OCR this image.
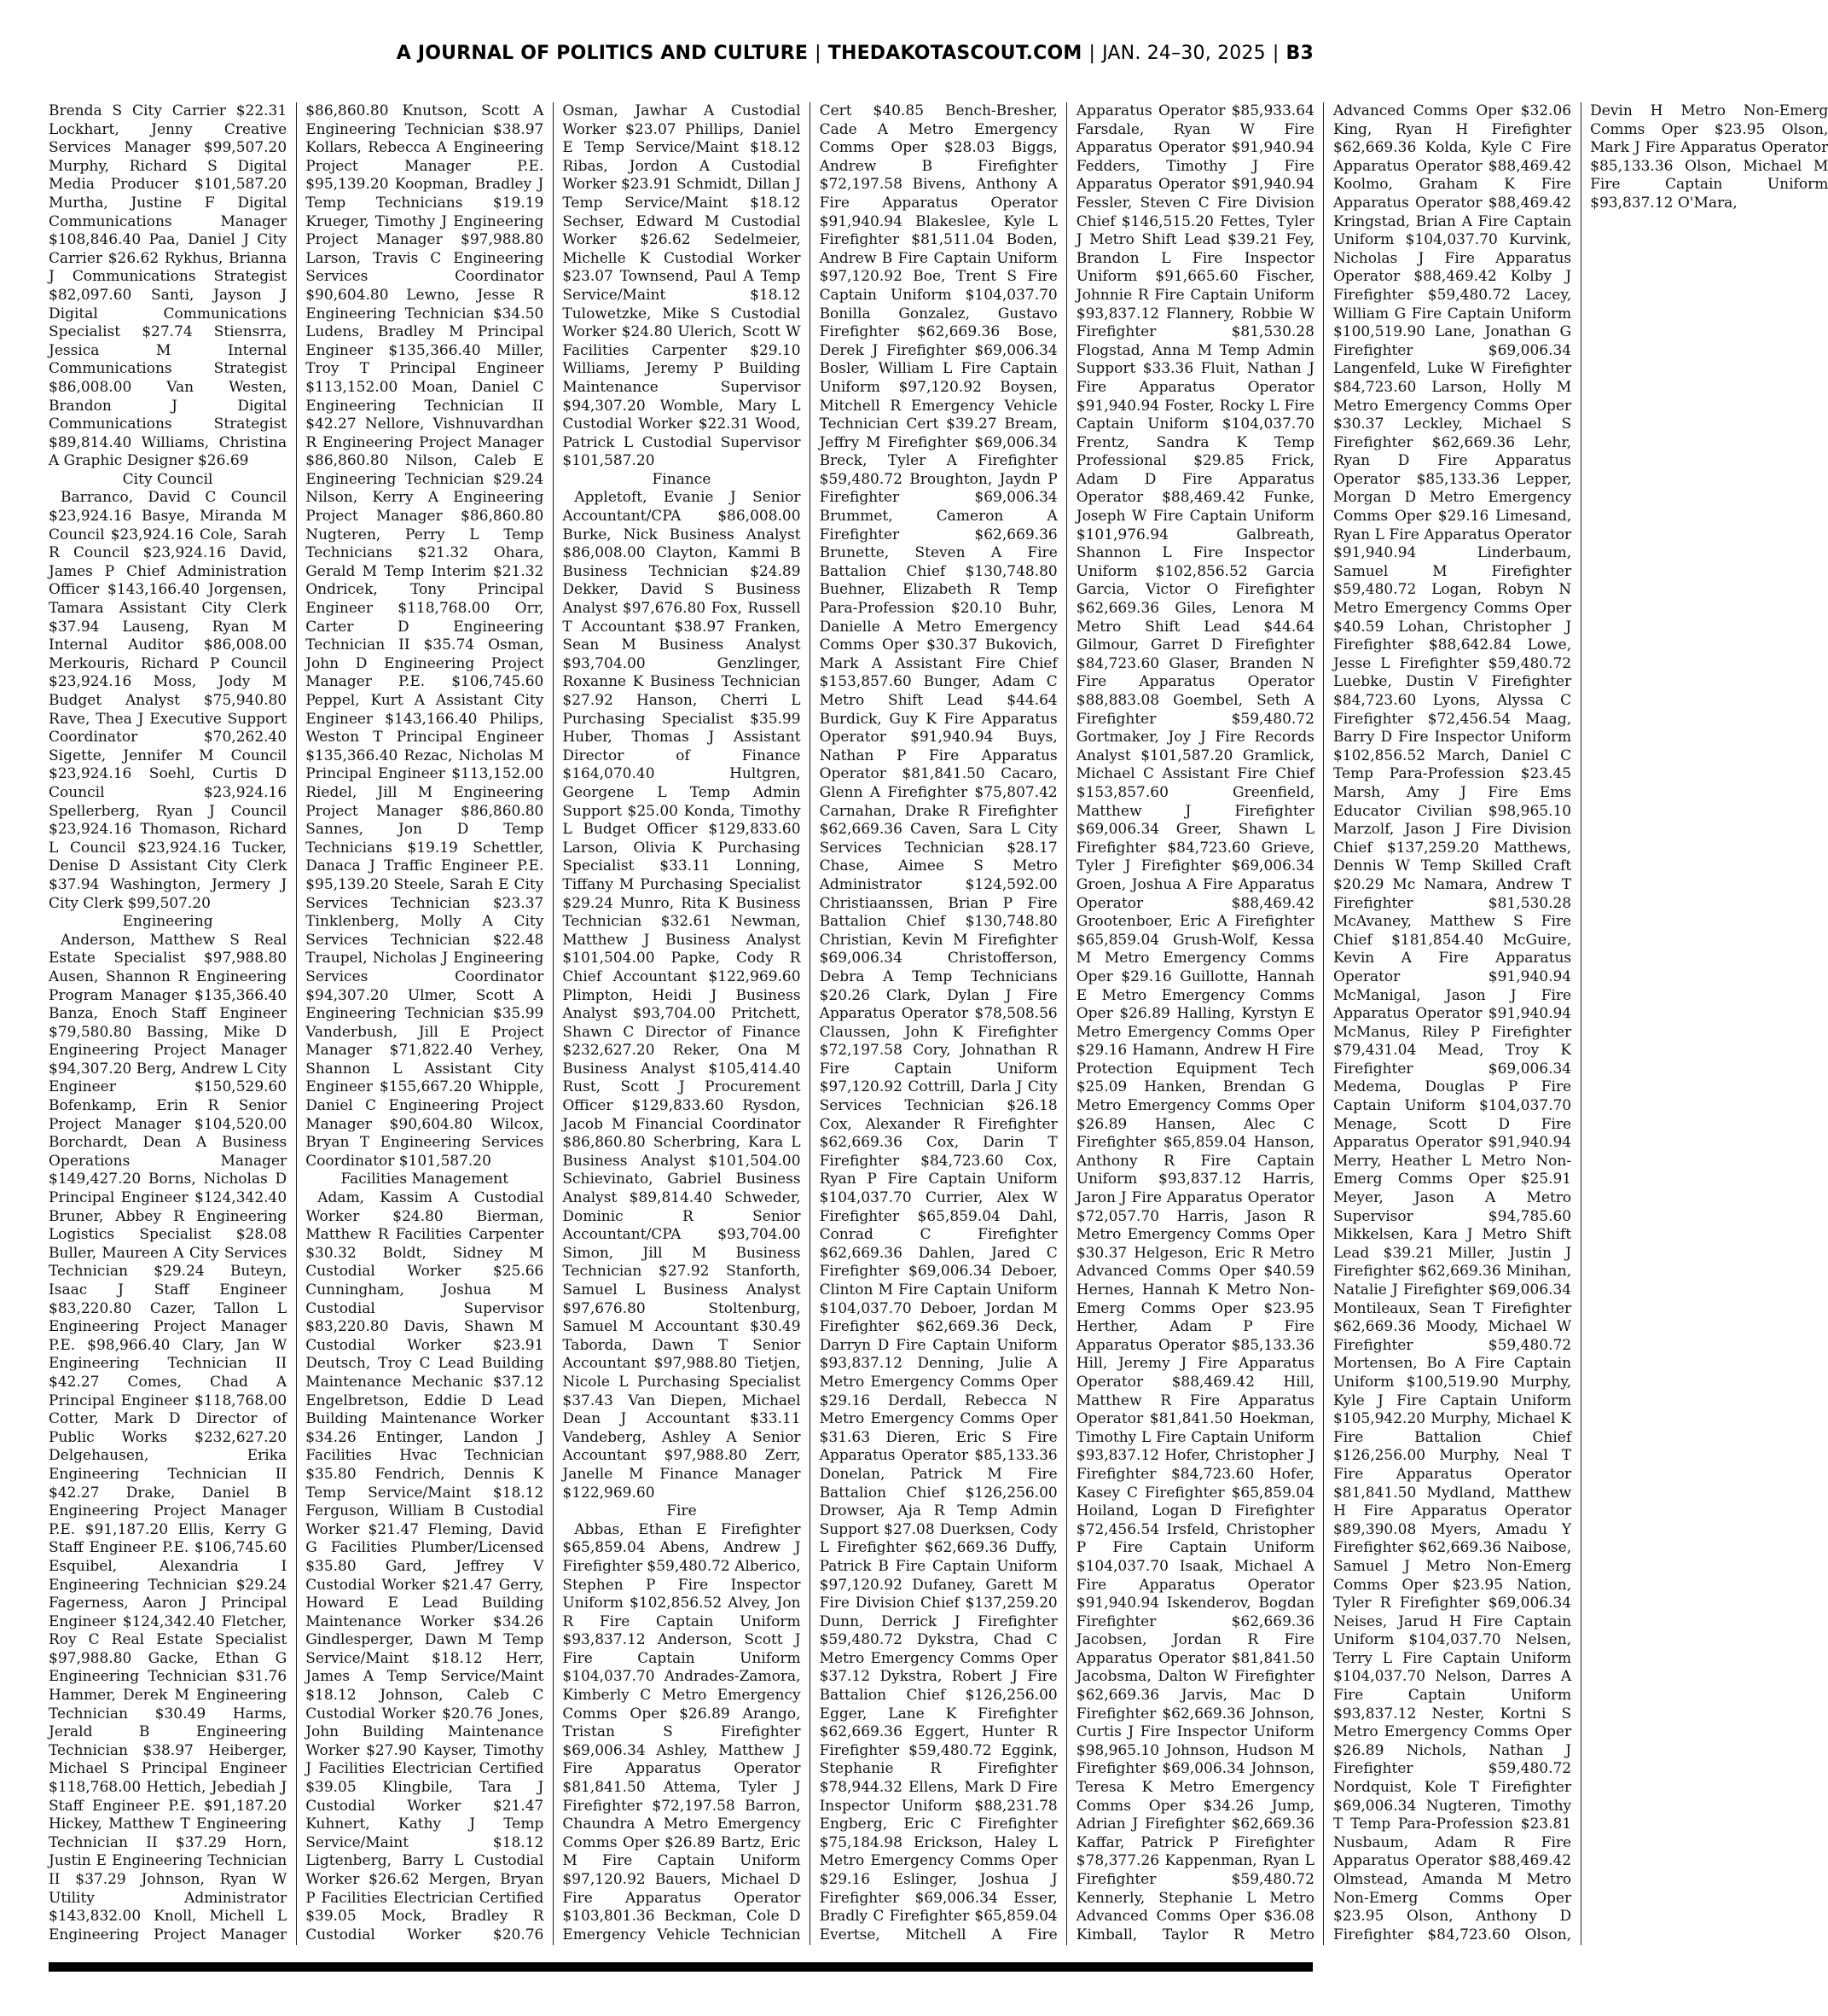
A JOURNAL OF POLITICS AND CULTURE | THEDAKOTASCOUT.COM | JAN. 24–30, 2025 | B3

Brenda S City Carrier $22.31 Lockhart, Jenny Creative Services Manager $99,507.20 Murphy, Richard S Digital Media Producer $101,587.20 Murtha, Justine F Digital Communications Manager $108,846.40 Paa, Daniel J City Carrier $26.62 Rykhus, Brianna J Communications Strategist $82,097.60 Santi, Jayson J Digital Communications Specialist $27.74 Stiensrra, Jessica M Internal Communications Strategist $86,008.00 Van Westen, Brandon J Digital Communications Strategist $89,814.40 Williams, Christina A Graphic Designer $26.69

City Council

Barranco, David C Council $23,924.16 Basye, Miranda M Council $23,924.16 Cole, Sarah R Council $23,924.16 David, James P Chief Administration Officer $143,166.40 Jorgensen, Tamara Assistant City Clerk $37.94 Lauseng, Ryan M Internal Auditor $86,008.00 Merkouris, Richard P Council $23,924.16 Moss, Jody M Budget Analyst $75,940.80 Rave, Thea J Executive Support Coordinator $70,262.40 Sigette, Jennifer M Council $23,924.16 Soehl, Curtis D Council $23,924.16 Spellerberg, Ryan J Council $23,924.16 Thomason, Richard L Council $23,924.16 Tucker, Denise D Assistant City Clerk $37.94 Washington, Jermery J City Clerk $99,507.20

Engineering

Anderson, Matthew S Real Estate Specialist $97,988.80 Ausen, Shannon R Engineering Program Manager $135,366.40 Banza, Enoch Staff Engineer $79,580.80 Bassing, Mike D Engineering Project Manager $94,307.20 Berg, Andrew L City Engineer $150,529.60 Bofenkamp, Erin R Senior Project Manager $104,520.00 Borchardt, Dean A Business Operations Manager $149,427.20 Borns, Nicholas D Principal Engineer $124,342.40 Bruner, Abbey R Engineering Logistics Specialist $28.08 Buller, Maureen A City Services Technician $29.24 Buteyn, Isaac J Staff Engineer $83,220.80 Cazer, Tallon L Engineering Project Manager P.E. $98,966.40 Clary, Jan W Engineering Technician II $42.27 Comes, Chad A Principal Engineer $118,768.00 Cotter, Mark D Director of Public Works $232,627.20 Delgehausen, Erika Engineering Technician II $42.27 Drake, Daniel B Engineering Project Manager P.E. $91,187.20 Ellis, Kerry G Staff Engineer P.E. $106,745.60 Esquibel, Alexandria I Engineering Technician $29.24 Fagerness, Aaron J Principal Engineer $124,342.40 Fletcher, Roy C Real Estate Specialist $97,988.80 Gacke, Ethan G Engineering Technician $31.76 Hammer, Derek M Engineering Technician $30.49 Harms, Jerald B Engineering Technician $38.97 Heiberger, Michael S Principal Engineer $118,768.00 Hettich, Jebediah J Staff Engineer P.E. $91,187.20 Hickey, Matthew T Engineering Technician II $37.29 Horn, Justin E Engineering Technician II $37.29 Johnson, Ryan W Utility Administrator $143,832.00 Knoll, Michell L Engineering Project Manager $86,860.80 Knutson, Scott A Engineering Technician $38.97 Kollars, Rebecca A Engineering Project Manager P.E. $95,139.20 Koopman, Bradley J Temp Technicians $19.19 Krueger, Timothy J Engineering Project Manager $97,988.80 Larson, Travis C Engineering Services Coordinator $90,604.80 Lewno, Jesse R Engineering Technician $34.50 Ludens, Bradley M Principal Engineer $135,366.40 Miller, Troy T Principal Engineer $113,152.00 Moan, Daniel C Engineering Technician II $42.27 Nellore, Vishnuvardhan R Engineering Project Manager $86,860.80 Nilson, Caleb E Engineering Technician $29.24 Nilson, Kerry A Engineering Project Manager $86,860.80 Nugteren, Perry L Temp Technicians $21.32 Ohara, Gerald M Temp Interim $21.32 Ondricek, Tony Principal Engineer $118,768.00 Orr, Carter D Engineering Technician II $35.74 Osman, John D Engineering Project Manager P.E. $106,745.60 Peppel, Kurt A Assistant City Engineer $143,166.40 Philips, Weston T Principal Engineer $135,366.40 Rezac, Nicholas M Principal Engineer $113,152.00 Riedel, Jill M Engineering Project Manager $86,860.80 Sannes, Jon D Temp Technicians $19.19 Schettler, Danaca J Traffic Engineer P.E. $95,139.20 Steele, Sarah E City Services Technician $23.37 Tinklenberg, Molly A City Services Technician $22.48 Traupel, Nicholas J Engineering Services Coordinator $94,307.20 Ulmer, Scott A Engineering Technician $35.99 Vanderbush, Jill E Project Manager $71,822.40 Verhey, Shannon L Assistant City Engineer $155,667.20 Whipple, Daniel C Engineering Project Manager $90,604.80 Wilcox, Bryan T Engineering Services Coordinator $101,587.20

Facilities Management

Adam, Kassim A Custodial Worker $24.80 Bierman, Matthew R Facilities Carpenter $30.32 Boldt, Sidney M Custodial Worker $25.66 Cunningham, Joshua M Custodial Supervisor $83,220.80 Davis, Shawn M Custodial Worker $23.91 Deutsch, Troy C Lead Building Maintenance Mechanic $37.12 Engelbretson, Eddie D Lead Building Maintenance Worker $34.26 Entinger, Landon J Facilities Hvac Technician $35.80 Fendrich, Dennis K Temp Service/Maint $18.12 Ferguson, William B Custodial Worker $21.47 Fleming, David G Facilities Plumber/Licensed $35.80 Gard, Jeffrey V Custodial Worker $21.47 Gerry, Howard E Lead Building Maintenance Worker $34.26 Gindlesperger, Dawn M Temp Service/Maint $18.12 Herr, James A Temp Service/Maint $18.12 Johnson, Caleb C Custodial Worker $20.76 Jones, John Building Maintenance Worker $27.90 Kayser, Timothy J Facilities Electrician Certified $39.05 Klingbile, Tara J Custodial Worker $21.47 Kuhnert, Kathy J Temp Service/Maint $18.12 Ligtenberg, Barry L Custodial Worker $26.62 Mergen, Bryan P Facilities Electrician Certified $39.05 Mock, Bradley R Custodial Worker $20.76 Osman, Jawhar A Custodial Worker $23.07 Phillips, Daniel E Temp Service/Maint $18.12 Ribas, Jordon A Custodial Worker $23.91 Schmidt, Dillan J Temp Service/Maint $18.12 Sechser, Edward M Custodial Worker $26.62 Sedelmeier, Michelle K Custodial Worker $23.07 Townsend, Paul A Temp Service/Maint $18.12 Tulowetzke, Mike S Custodial Worker $24.80 Ulerich, Scott W Facilities Carpenter $29.10 Williams, Jeremy P Building Maintenance Supervisor $94,307.20 Womble, Mary L Custodial Worker $22.31 Wood, Patrick L Custodial Supervisor $101,587.20

Finance

Appletoft, Evanie J Senior Accountant/CPA $86,008.00 Burke, Nick Business Analyst $86,008.00 Clayton, Kammi B Business Technician $24.89 Dekker, David S Business Analyst $97,676.80 Fox, Russell T Accountant $38.97 Franken, Sean M Business Analyst $93,704.00 Genzlinger, Roxanne K Business Technician $27.92 Hanson, Cherri L Purchasing Specialist $35.99 Huber, Thomas J Assistant Director of Finance $164,070.40 Hultgren, Georgene L Temp Admin Support $25.00 Konda, Timothy L Budget Officer $129,833.60 Larson, Olivia K Purchasing Specialist $33.11 Lonning, Tiffany M Purchasing Specialist $29.24 Munro, Rita K Business Technician $32.61 Newman, Matthew J Business Analyst $101,504.00 Papke, Cody R Chief Accountant $122,969.60 Plimpton, Heidi J Business Analyst $93,704.00 Pritchett, Shawn C Director of Finance $232,627.20 Reker, Ona M Business Analyst $105,414.40 Rust, Scott J Procurement Officer $129,833.60 Rysdon, Jacob M Financial Coordinator $86,860.80 Scherbring, Kara L Business Analyst $101,504.00 Schievinato, Gabriel Business Analyst $89,814.40 Schweder, Dominic R Senior Accountant/CPA $93,704.00 Simon, Jill M Business Technician $27.92 Stanforth, Samuel L Business Analyst $97,676.80 Stoltenburg, Samuel M Accountant $30.49 Taborda, Dawn T Senior Accountant $97,988.80 Tietjen, Nicole L Purchasing Specialist $37.43 Van Diepen, Michael Dean J Accountant $33.11 Vandeberg, Ashley A Senior Accountant $97,988.80 Zerr, Janelle M Finance Manager $122,969.60

Fire

Abbas, Ethan E Firefighter $65,859.04 Abens, Andrew J Firefighter $59,480.72 Alberico, Stephen P Fire Inspector Uniform $102,856.52 Alvey, Jon R Fire Captain Uniform $93,837.12 Anderson, Scott J Fire Captain Uniform $104,037.70 Andrades-Zamora, Kimberly C Metro Emergency Comms Oper $26.89 Arango, Tristan S Firefighter $69,006.34 Ashley, Matthew J Fire Apparatus Operator $81,841.50 Attema, Tyler J Firefighter $72,197.58 Barron, Chaundra A Metro Emergency Comms Oper $26.89 Bartz, Eric M Fire Captain Uniform $97,120.92 Bauers, Michael D Fire Apparatus Operator $103,801.36 Beckman, Cole D Emergency Vehicle Technician Cert $40.85 Bench-Bresher, Cade A Metro Emergency Comms Oper $28.03 Biggs, Andrew B Firefighter $72,197.58 Bivens, Anthony A Fire Apparatus Operator $91,940.94 Blakeslee, Kyle L Firefighter $81,511.04 Boden, Andrew B Fire Captain Uniform $97,120.92 Boe, Trent S Fire Captain Uniform $104,037.70 Bonilla Gonzalez, Gustavo Firefighter $62,669.36 Bose, Derek J Firefighter $69,006.34 Bosler, William L Fire Captain Uniform $97,120.92 Boysen, Mitchell R Emergency Vehicle Technician Cert $39.27 Bream, Jeffry M Firefighter $69,006.34 Breck, Tyler A Firefighter $59,480.72 Broughton, Jaydn P Firefighter $69,006.34 Brummet, Cameron A Firefighter $62,669.36 Brunette, Steven A Fire Battalion Chief $130,748.80 Buehner, Elizabeth R Temp Para-Profession $20.10 Buhr, Danielle A Metro Emergency Comms Oper $30.37 Bukovich, Mark A Assistant Fire Chief $153,857.60 Bunger, Adam C Metro Shift Lead $44.64 Burdick, Guy K Fire Apparatus Operator $91,940.94 Buys, Nathan P Fire Apparatus Operator $81,841.50 Cacaro, Glenn A Firefighter $75,807.42 Carnahan, Drake R Firefighter $62,669.36 Caven, Sara L City Services Technician $28.17 Chase, Aimee S Metro Administrator $124,592.00 Christiaanssen, Brian P Fire Battalion Chief $130,748.80 Christian, Kevin M Firefighter $69,006.34 Christofferson, Debra A Temp Technicians $20.26 Clark, Dylan J Fire Apparatus Operator $78,508.56 Claussen, John K Firefighter $72,197.58 Cory, Johnathan R Fire Captain Uniform $97,120.92 Cottrill, Darla J City Services Technician $26.18 Cox, Alexander R Firefighter $62,669.36 Cox, Darin T Firefighter $84,723.60 Cox, Ryan P Fire Captain Uniform $104,037.70 Currier, Alex W Firefighter $65,859.04 Dahl, Conrad C Firefighter $62,669.36 Dahlen, Jared C Firefighter $69,006.34 Deboer, Clinton M Fire Captain Uniform $104,037.70 Deboer, Jordan M Firefighter $62,669.36 Deck, Darryn D Fire Captain Uniform $93,837.12 Denning, Julie A Metro Emergency Comms Oper $29.16 Derdall, Rebecca N Metro Emergency Comms Oper $31.63 Dieren, Eric S Fire Apparatus Operator $85,133.36 Donelan, Patrick M Fire Battalion Chief $126,256.00 Drowser, Aja R Temp Admin Support $27.08 Duerksen, Cody L Firefighter $62,669.36 Duffy, Patrick B Fire Captain Uniform $97,120.92 Dufaney, Garett M Fire Division Chief $137,259.20 Dunn, Derrick J Firefighter $59,480.72 Dykstra, Chad C Metro Emergency Comms Oper $37.12 Dykstra, Robert J Fire Battalion Chief $126,256.00 Egger, Lane K Firefighter $62,669.36 Eggert, Hunter R Firefighter $59,480.72 Eggink, Stephanie R Firefighter $78,944.32 Ellens, Mark D Fire Inspector Uniform $88,231.78 Engberg, Eric C Firefighter $75,184.98 Erickson, Haley L Metro Emergency Comms Oper $29.16 Eslinger, Joshua J Firefighter $69,006.34 Esser, Bradly C Firefighter $65,859.04 Evertse, Mitchell A Fire Apparatus Operator $85,933.64 Farsdale, Ryan W Fire Apparatus Operator $91,940.94 Fedders, Timothy J Fire Apparatus Operator $91,940.94 Fessler, Steven C Fire Division Chief $146,515.20 Fettes, Tyler J Metro Shift Lead $39.21 Fey, Brandon L Fire Inspector Uniform $91,665.60 Fischer, Johnnie R Fire Captain Uniform $93,837.12 Flannery, Robbie W Firefighter $81,530.28 Flogstad, Anna M Temp Admin Support $33.36 Fluit, Nathan J Fire Apparatus Operator $91,940.94 Foster, Rocky L Fire Captain Uniform $104,037.70 Frentz, Sandra K Temp Professional $29.85 Frick, Adam D Fire Apparatus Operator $88,469.42 Funke, Joseph W Fire Captain Uniform $101,976.94 Galbreath, Shannon L Fire Inspector Uniform $102,856.52 Garcia Garcia, Victor O Firefighter $62,669.36 Giles, Lenora M Metro Shift Lead $44.64 Gilmour, Garret D Firefighter $84,723.60 Glaser, Branden N Fire Apparatus Operator $88,883.08 Goembel, Seth A Firefighter $59,480.72 Gortmaker, Joy J Fire Records Analyst $101,587.20 Gramlick, Michael C Assistant Fire Chief $153,857.60 Greenfield, Matthew J Firefighter $69,006.34 Greer, Shawn L Firefighter $84,723.60 Grieve, Tyler J Firefighter $69,006.34 Groen, Joshua A Fire Apparatus Operator $88,469.42 Grootenboer, Eric A Firefighter $65,859.04 Grush-Wolf, Kessa M Metro Emergency Comms Oper $29.16 Guillotte, Hannah E Metro Emergency Comms Oper $26.89 Halling, Kyrstyn E Metro Emergency Comms Oper $29.16 Hamann, Andrew H Fire Protection Equipment Tech $25.09 Hanken, Brendan G Metro Emergency Comms Oper $26.89 Hansen, Alec C Firefighter $65,859.04 Hanson, Anthony R Fire Captain Uniform $93,837.12 Harris, Jaron J Fire Apparatus Operator $72,057.70 Harris, Jason R Metro Emergency Comms Oper $30.37 Helgeson, Eric R Metro Advanced Comms Oper $40.59 Hernes, Hannah K Metro Non-Emerg Comms Oper $23.95 Herther, Adam P Fire Apparatus Operator $85,133.36 Hill, Jeremy J Fire Apparatus Operator $88,469.42 Hill, Matthew R Fire Apparatus Operator $81,841.50 Hoekman, Timothy L Fire Captain Uniform $93,837.12 Hofer, Christopher J Firefighter $84,723.60 Hofer, Kasey C Firefighter $65,859.04 Hoiland, Logan D Firefighter $72,456.54 Irsfeld, Christopher P Fire Captain Uniform $104,037.70 Isaak, Michael A Fire Apparatus Operator $91,940.94 Iskenderov, Bogdan Firefighter $62,669.36 Jacobsen, Jordan R Fire Apparatus Operator $81,841.50 Jacobsma, Dalton W Firefighter $62,669.36 Jarvis, Mac D Firefighter $62,669.36 Johnson, Curtis J Fire Inspector Uniform $98,965.10 Johnson, Hudson M Firefighter $69,006.34 Johnson, Teresa K Metro Emergency Comms Oper $34.26 Jump, Adrian J Firefighter $62,669.36 Kaffar, Patrick P Firefighter $78,377.26 Kappenman, Ryan L Firefighter $59,480.72 Kennerly, Stephanie L Metro Advanced Comms Oper $36.08 Kimball, Taylor R Metro Advanced Comms Oper $32.06 King, Ryan H Firefighter $62,669.36 Kolda, Kyle C Fire Apparatus Operator $88,469.42 Koolmo, Graham K Fire Apparatus Operator $88,469.42 Kringstad, Brian A Fire Captain Uniform $104,037.70 Kurvink, Nicholas J Fire Apparatus Operator $88,469.42 Kolby J Firefighter $59,480.72 Lacey, William G Fire Captain Uniform $100,519.90 Lane, Jonathan G Firefighter $69,006.34 Langenfeld, Luke W Firefighter $84,723.60 Larson, Holly M Metro Emergency Comms Oper $30.37 Leckley, Michael S Firefighter $62,669.36 Lehr, Ryan D Fire Apparatus Operator $85,133.36 Lepper, Morgan D Metro Emergency Comms Oper $29.16 Limesand, Ryan L Fire Apparatus Operator $91,940.94 Linderbaum, Samuel M Firefighter $59,480.72 Logan, Robyn N Metro Emergency Comms Oper $40.59 Lohan, Christopher J Firefighter $88,642.84 Lowe, Jesse L Firefighter $59,480.72 Luebke, Dustin V Firefighter $84,723.60 Lyons, Alyssa C Firefighter $72,456.54 Maag, Barry D Fire Inspector Uniform $102,856.52 March, Daniel C Temp Para-Profession $23.45 Marsh, Amy J Fire Ems Educator Civilian $98,965.10 Marzolf, Jason J Fire Division Chief $137,259.20 Matthews, Dennis W Temp Skilled Craft $20.29 Mc Namara, Andrew T Firefighter $81,530.28 McAvaney, Matthew S Fire Chief $181,854.40 McGuire, Kevin A Fire Apparatus Operator $91,940.94 McManigal, Jason J Fire Apparatus Operator $91,940.94 McManus, Riley P Firefighter $79,431.04 Mead, Troy K Firefighter $69,006.34 Medema, Douglas P Fire Captain Uniform $104,037.70 Menage, Scott D Fire Apparatus Operator $91,940.94 Merry, Heather L Metro Non-Emerg Comms Oper $25.91 Meyer, Jason A Metro Supervisor $94,785.60 Mikkelsen, Kara J Metro Shift Lead $39.21 Miller, Justin J Firefighter $62,669.36 Minihan, Natalie J Firefighter $69,006.34 Montileaux, Sean T Firefighter $62,669.36 Moody, Michael W Firefighter $59,480.72 Mortensen, Bo A Fire Captain Uniform $100,519.90 Murphy, Kyle J Fire Captain Uniform $105,942.20 Murphy, Michael K Fire Battalion Chief $126,256.00 Murphy, Neal T Fire Apparatus Operator $81,841.50 Mydland, Matthew H Fire Apparatus Operator $89,390.08 Myers, Amadu Y Firefighter $62,669.36 Naibose, Samuel J Metro Non-Emerg Comms Oper $23.95 Nation, Tyler R Firefighter $69,006.34 Neises, Jarud H Fire Captain Uniform $104,037.70 Nelsen, Terry L Fire Captain Uniform $104,037.70 Nelson, Darres A Fire Captain Uniform $93,837.12 Nester, Kortni S Metro Emergency Comms Oper $26.89 Nichols, Nathan J Firefighter $59,480.72 Nordquist, Kole T Firefighter $69,006.34 Nugteren, Timothy T Temp Para-Profession $23.81 Nusbaum, Adam R Fire Apparatus Operator $88,469.42 Olmstead, Amanda M Metro Non-Emerg Comms Oper $23.95 Olson, Anthony D Firefighter $84,723.60 Olson, Devin H Metro Non-Emerg Comms Oper $23.95 Olson, Mark J Fire Apparatus Operator $85,133.36 Olson, Michael M Fire Captain Uniform $93,837.12 O'Mara,
